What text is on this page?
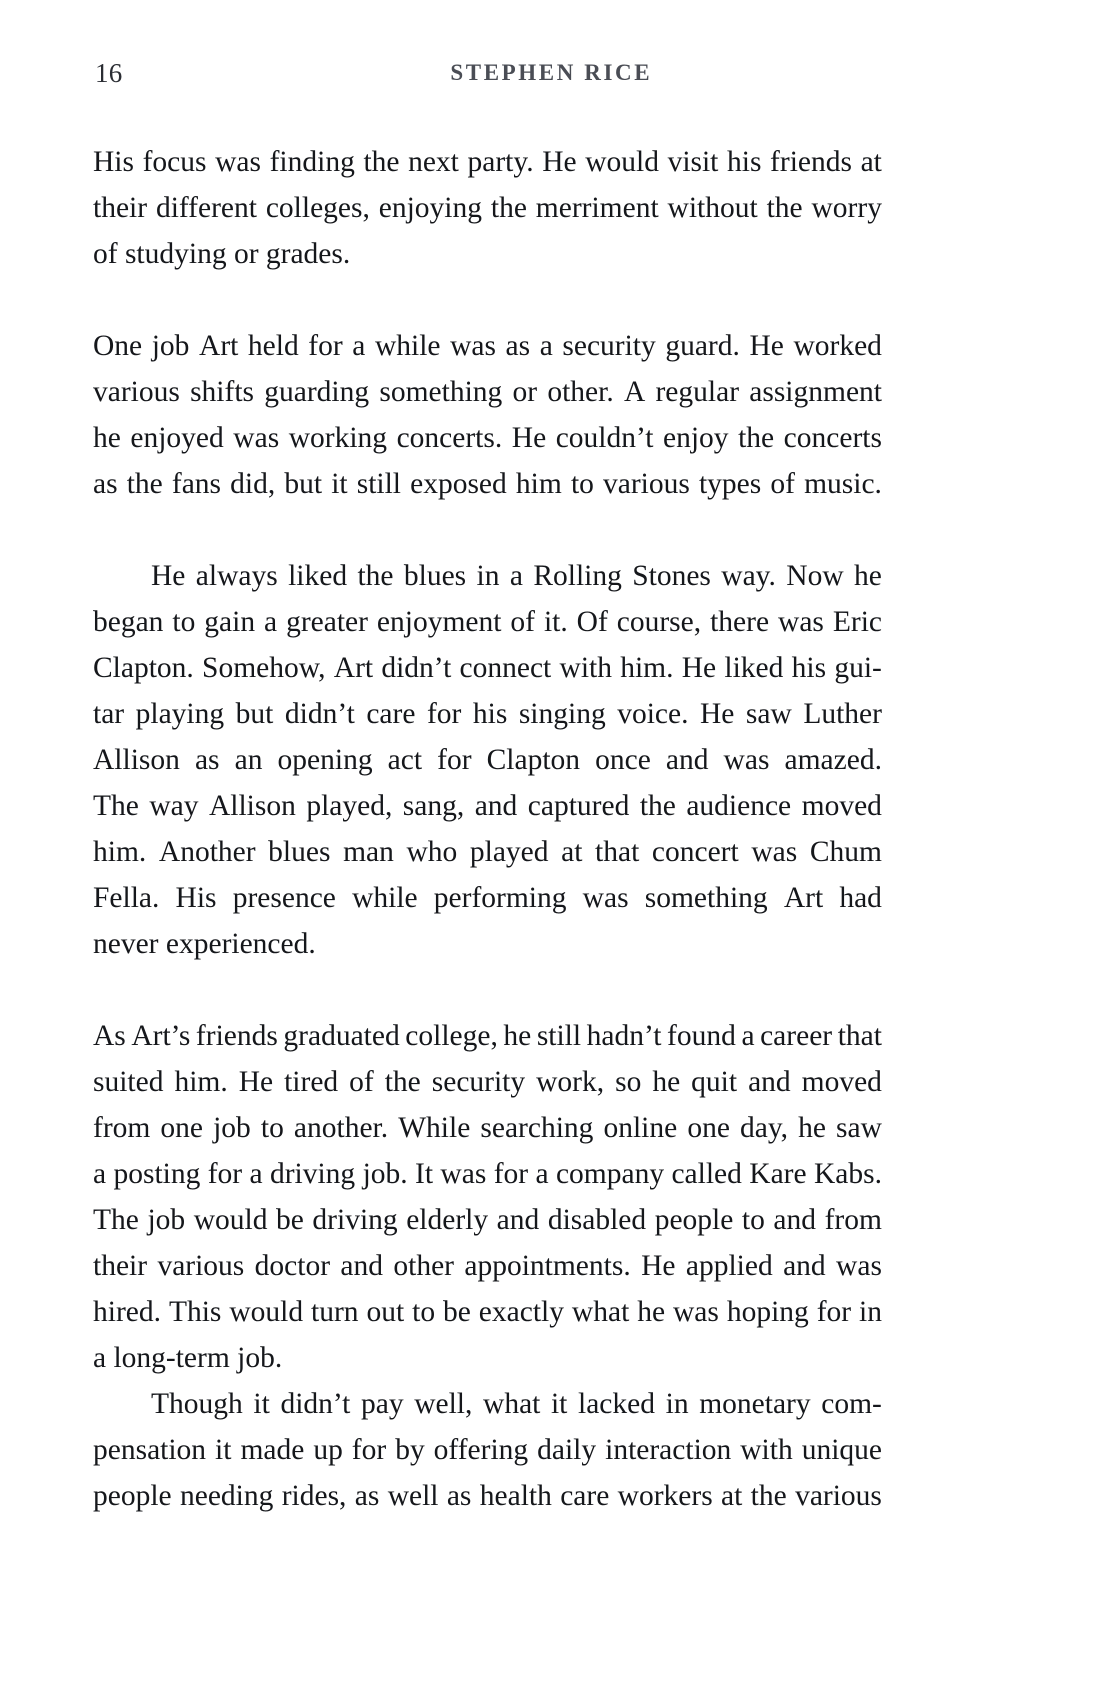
16	STEPHEN RICE
His focus was finding the next party. He would visit his friends at
their different colleges, enjoying the merriment without the worry
of studying or grades.
One job Art held for a while was as a security guard. He worked
various shifts guarding something or other. A regular assignment
he enjoyed was working concerts. He couldn’t enjoy the concerts
as the fans did, but it still exposed him to various types of music.
He always liked the blues in a Rolling Stones way. Now he
began to gain a greater enjoyment of it. Of course, there was Eric
Clapton. Somehow, Art didn’t connect with him. He liked his gui-
tar playing but didn’t care for his singing voice. He saw Luther
Allison as an opening act for Clapton once and was amazed.
The way Allison played, sang, and captured the audience moved
him. Another blues man who played at that concert was Chum
Fella. His presence while performing was something Art had
never experienced.
As Art’s friends graduated college, he still hadn’t found a career that
suited him. He tired of the security work, so he quit and moved
from one job to another. While searching online one day, he saw
a posting for a driving job. It was for a company called Kare Kabs.
The job would be driving elderly and disabled people to and from
their various doctor and other appointments. He applied and was
hired. This would turn out to be exactly what he was hoping for in
a long-term job.
Though it didn’t pay well, what it lacked in monetary com-
pensation it made up for by offering daily interaction with unique
people needing rides, as well as health care workers at the various
